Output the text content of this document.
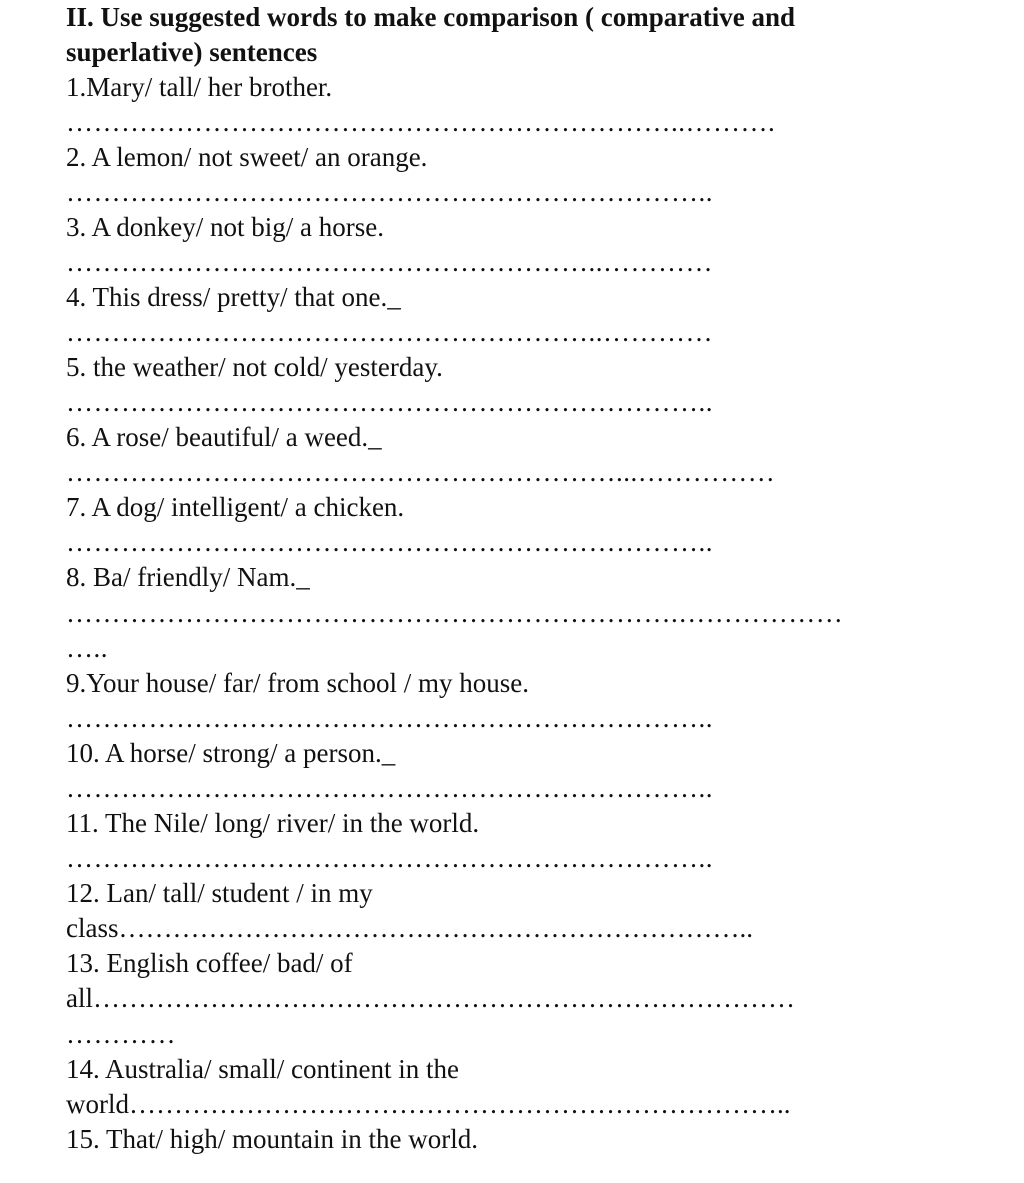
II. Use suggested words to make comparison ( comparative and
superlative) sentences
1.Mary/ tall/ her brother.
…………………………………………………………..……….
2. A lemon/ not sweet/ an orange.
……………………………………………………………..
3. A donkey/ not big/ a horse.
…………………………………………………..…………
4. This dress/ pretty/ that one._
…………………………………………………..…………
5. the weather/ not cold/ yesterday.
……………………………………………………………..
6. A rose/ beautiful/ a weed._
……………………………………………………...……………
7. A dog/ intelligent/ a chicken.
……………………………………………………………..
8. Ba/ friendly/ Nam._
………………………………………………………….………………
…..
9.Your house/ far/ from school / my house.
……………………………………………………………..
10. A horse/ strong/ a person._
……………………………………………………………..
11. The Nile/ long/ river/ in the world.
……………………………………………………………..
12. Lan/ tall/ student / in my
class……………………………………………………………..
13. English coffee/ bad/ of
all……………………………………………………………………
…………
14. Australia/ small/ continent in the
world………………………………………………………………..
15. That/ high/ mountain in the world.
